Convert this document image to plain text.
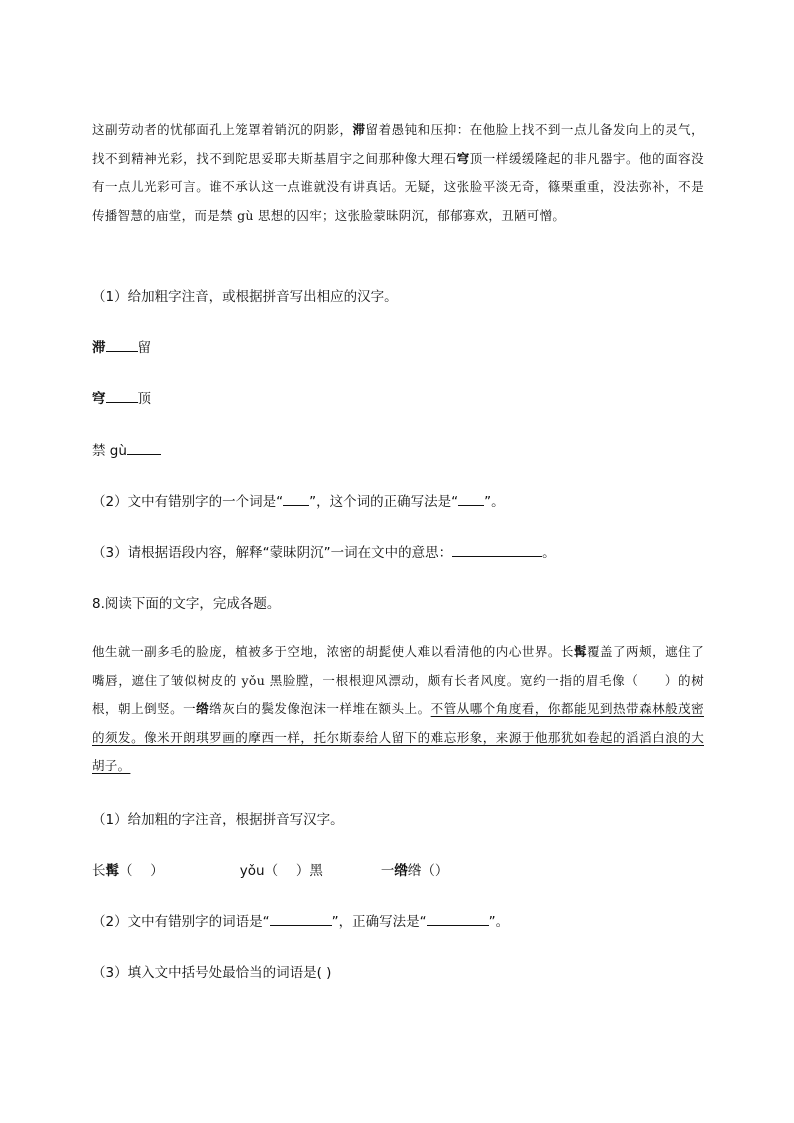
这副劳动者的忧郁面孔上笼罩着销沉的阴影，滞留着愚钝和压抑：在他脸上找不到一点儿备发向上的灵气，找不到精神光彩，找不到陀思妥耶夫斯基眉宇之间那种像大理石穹顶一样缓缓隆起的非凡器宇。他的面容没有一点儿光彩可言。谁不承认这一点谁就没有讲真话。无疑，这张脸平淡无奇，篠栗重重，没法弥补，不是传播智慧的庙堂，而是禁 gù 思想的囚牢；这张脸蒙昧阴沉，郁郁寡欢，丑陋可憎。
（1）给加粗字注音，或根据拼音写出相应的汉字。
滞 留
穹 顶
禁 gù
（2）文中有错别字的一个词是“ ”，这个词的正确写法是“ ”。
（3）请根据语段内容，解释“蒙昧阴沉”一词在文中的意思：	。
8.阅读下面的文字，完成各题。
他生就一副多毛的脸庞，植被多于空地，浓密的胡髭使人难以看清他的内心世界。长髯覆盖了两颊，遮住了嘴唇，遮住了皱似树皮的 yǒu 黑脸膛，一根根迎风漂动，颇有长者风度。宽约一指的眉毛像（　　）的树根，朝上倒竖。一绺绺灰白的鬓发像泡沫一样堆在额头上。不管从哪个角度看，你都能见到热带森林般茂密的须发。像米开朗琪罗画的摩西一样，托尔斯泰给人留下的难忘形象，来源于他那犹如卷起的滔滔白浪的大胡子。
（1）给加粗的字注音，根据拼音写汉字。
长髯（　 ）	yǒu（　 ）黑	一绺绺（）
（2）文中有错别字的词语是“	”，正确写法是“	”。
（3）填入文中括号处最恰当的词语是( )
